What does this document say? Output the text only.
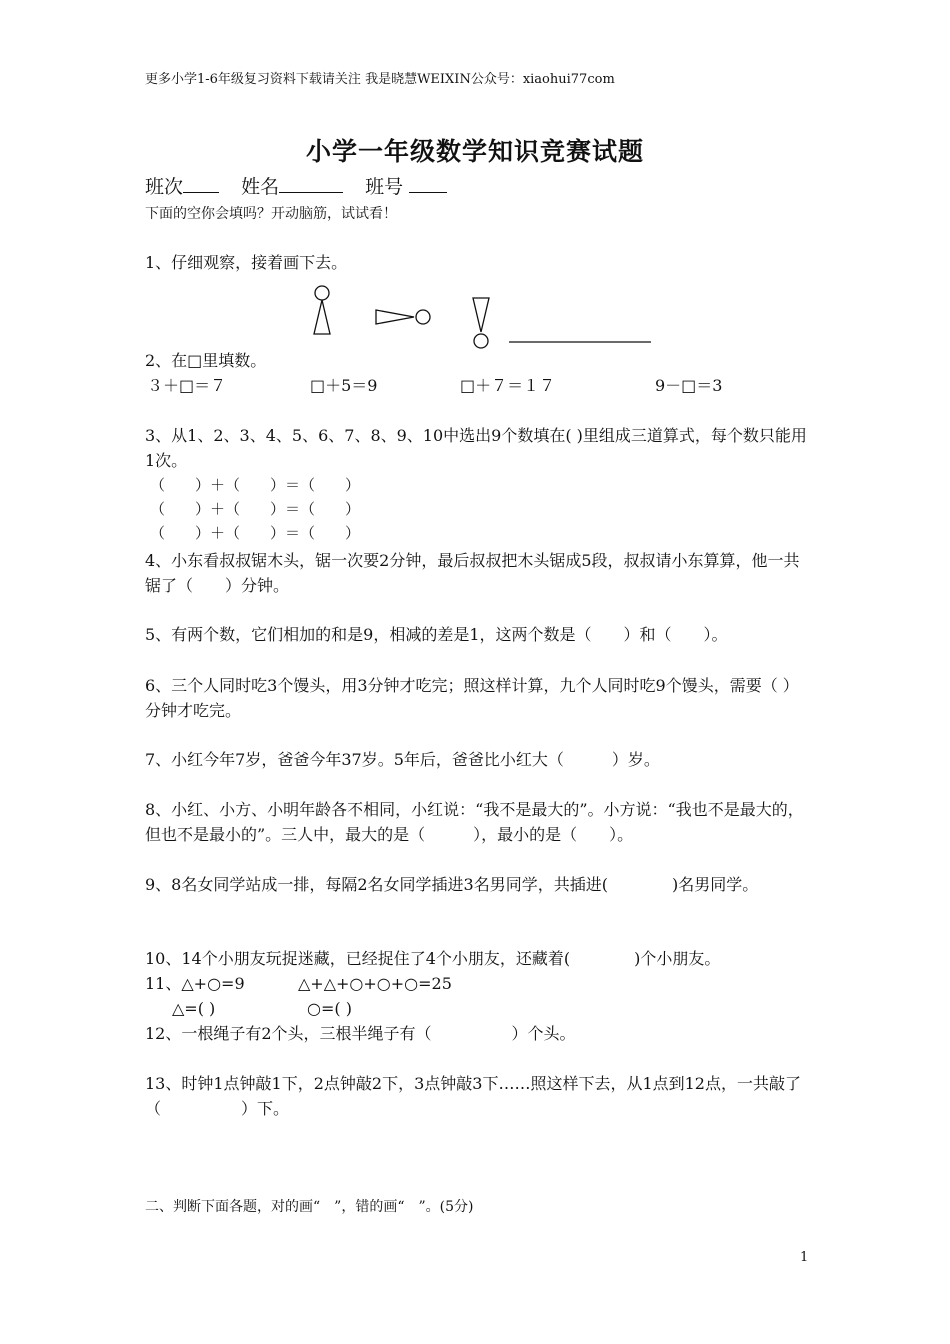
更多小学1-6年级复习资料下载请关注 我是晓慧WEIXIN公众号：xiaohui77com
小学一年级数学知识竞赛试题
班次	姓名	班号
下面的空你会填吗？开动脑筋，试试看！
1、仔细观察，接着画下去。
2、在□里填数。
３＋□＝７	□＋5＝9	□＋７＝１７	9－□＝3
3、从1、2、3、4、5、6、7、8、9、10中选出9个数填在( )里组成三道算式，每个数只能用1次。
（　　）＋（　　）＝（　　）
（　　）＋（　　）＝（　　）
（　　）＋（　　）＝（　　）
4、小东看叔叔锯木头，锯一次要2分钟，最后叔叔把木头锯成5段，叔叔请小东算算，他一共锯了（　　）分钟。
5、有两个数，它们相加的和是9，相减的差是1，这两个数是（　　）和（　　）。
6、三个人同时吃3个馒头，用3分钟才吃完；照这样计算，九个人同时吃9个馒头，需要（ ）分钟才吃完。
7、小红今年7岁，爸爸今年37岁。5年后，爸爸比小红大（　　　）岁。
8、小红、小方、小明年龄各不相同，小红说：“我不是最大的”。小方说：“我也不是最大的，但也不是最小的”。三人中，最大的是（　　　），最小的是（　　）。
9、8名女同学站成一排，每隔2名女同学插进3名男同学，共插进(　　　　)名男同学。
10、14个小朋友玩捉迷藏，已经捉住了4个小朋友，还藏着(　　　　)个小朋友。
11、△+○=9	△+△+○+○+○=25
△=( )	○=( )
12、一根绳子有2个头，三根半绳子有（　　　　　）个头。
13、时钟1点钟敲1下，2点钟敲2下，3点钟敲3下……照这样下去，从1点到12点，一共敲了（　　　　　）下。
二、判断下面各题，对的画“　”，错的画“　”。(5分)
1
